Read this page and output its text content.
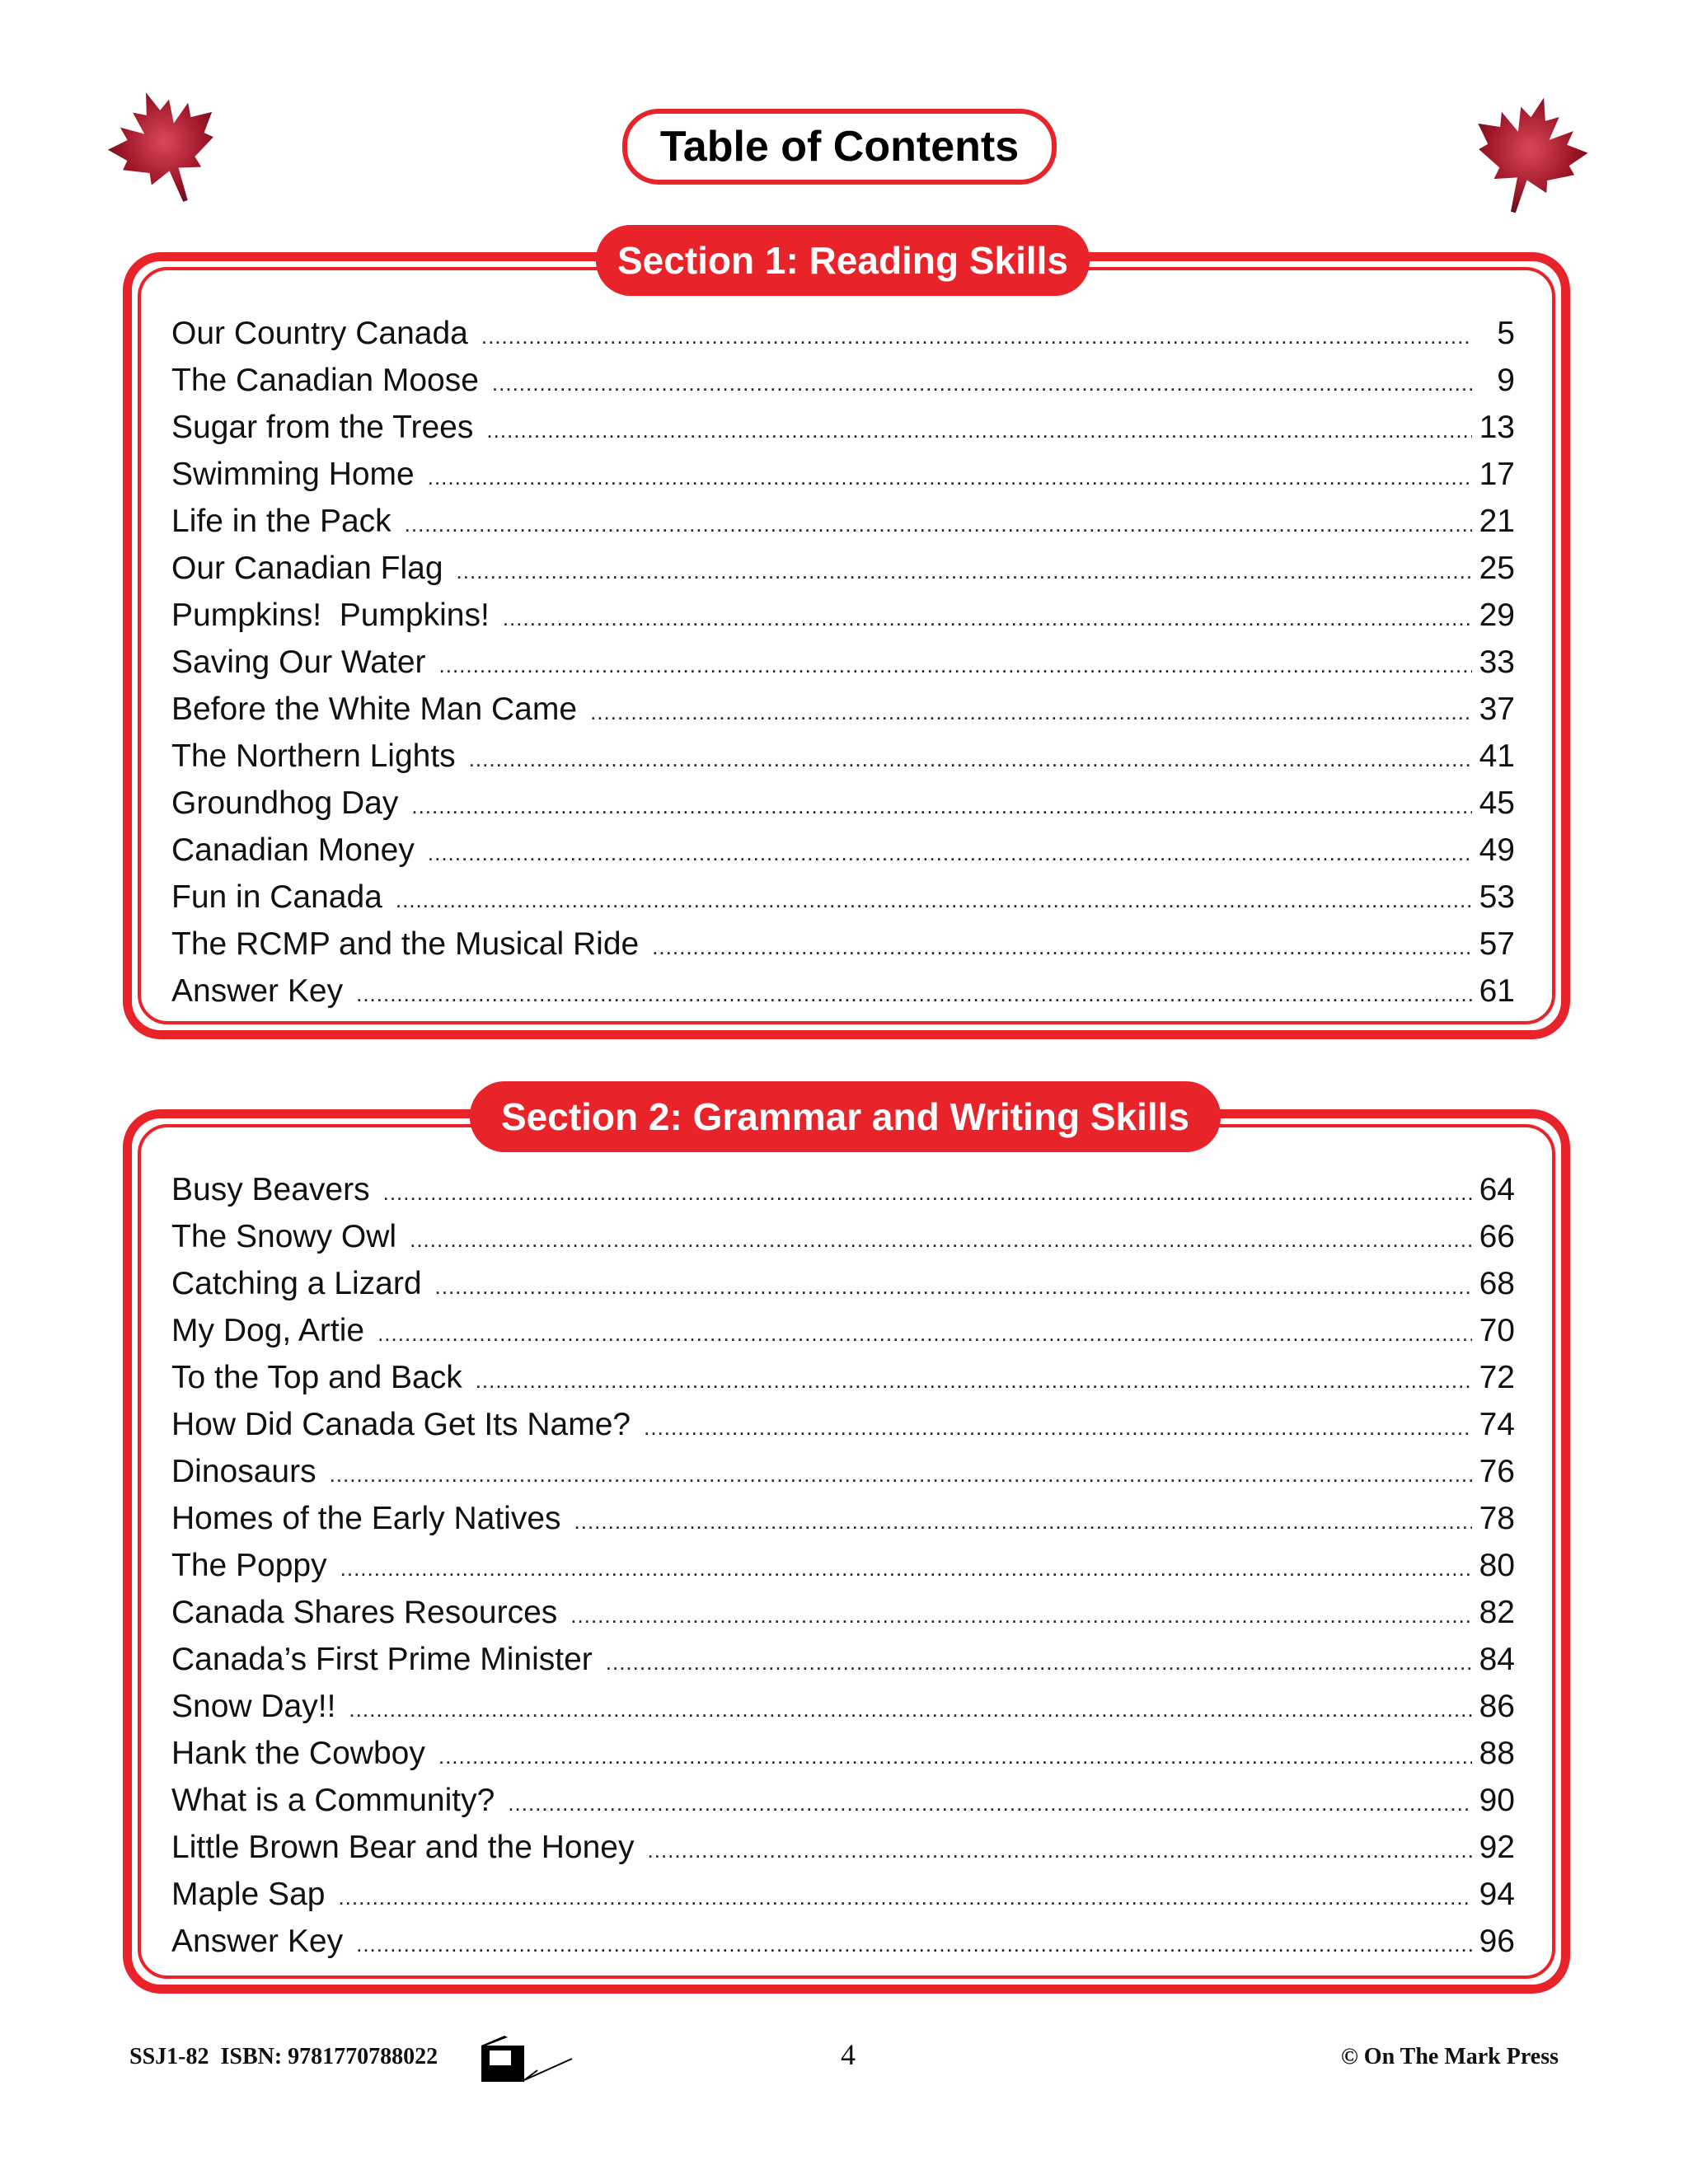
Table of Contents
Section 1: Reading Skills
Our Country Canada .....	5
The Canadian Moose .....	9
Sugar from the Trees .....	13
Swimming Home .....	17
Life in the Pack .....	21
Our Canadian Flag .....	25
Pumpkins!  Pumpkins! .....	29
Saving Our Water .....	33
Before the White Man Came .....	37
The Northern Lights .....	41
Groundhog Day .....	45
Canadian Money .....	49
Fun in Canada .....	53
The RCMP and the Musical Ride .....	57
Answer Key .....	61
Section 2: Grammar and Writing Skills
Busy Beavers .....	64
The Snowy Owl .....	66
Catching a Lizard .....	68
My Dog, Artie .....	70
To the Top and Back .....	72
How Did Canada Get Its Name? .....	74
Dinosaurs .....	76
Homes of the Early Natives .....	78
The Poppy .....	80
Canada Shares Resources .....	82
Canada’s First Prime Minister .....	84
Snow Day!! .....	86
Hank the Cowboy .....	88
What is a Community? .....	90
Little Brown Bear and the Honey .....	92
Maple Sap .....	94
Answer Key .....	96
SSJ1-82  ISBN: 9781770788022	4	© On The Mark Press
